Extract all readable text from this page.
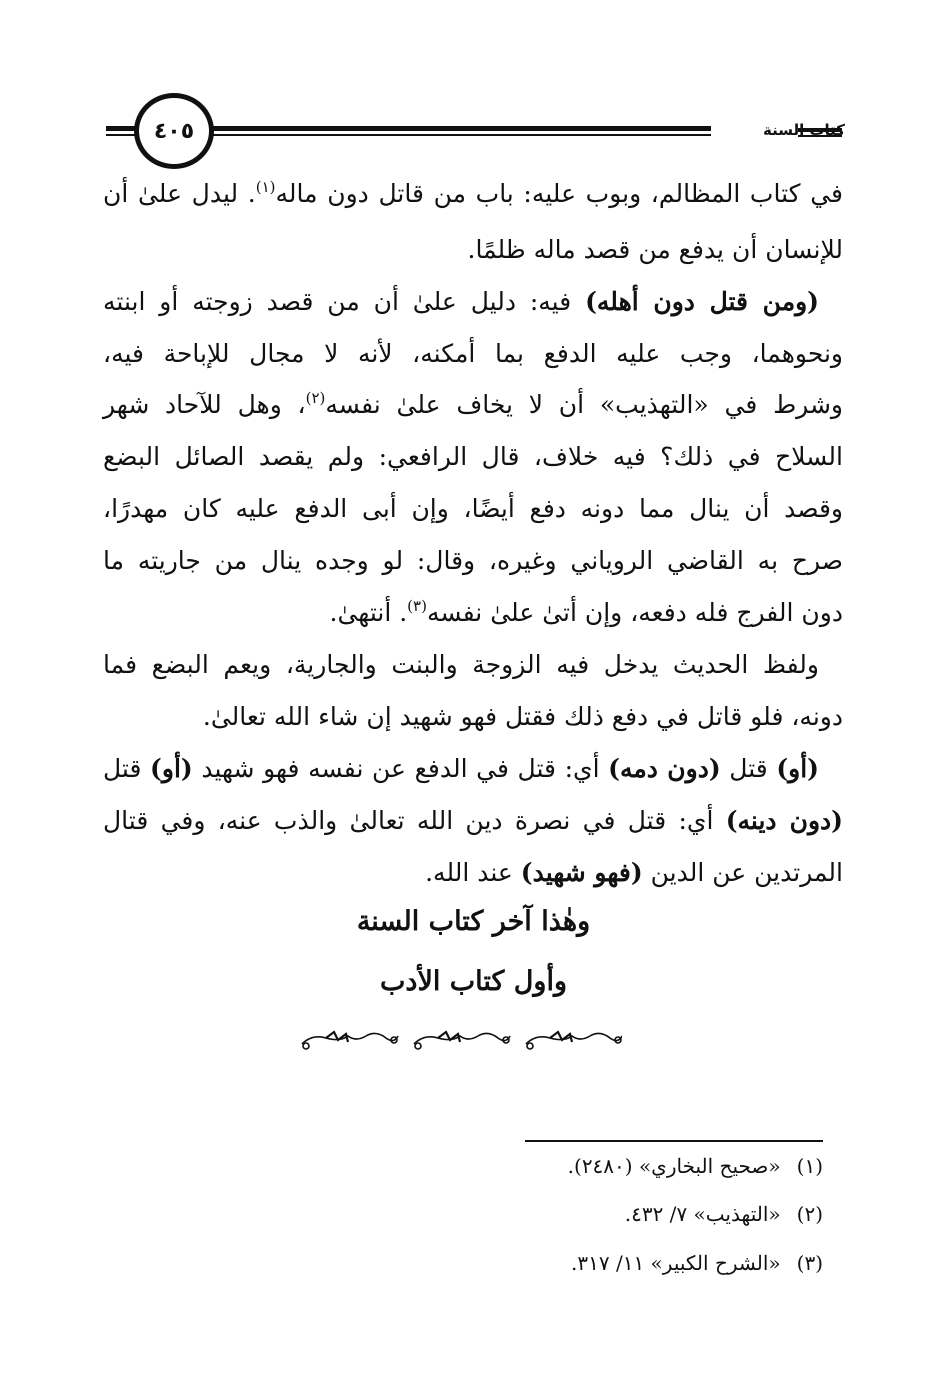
كتاب السنة
٤٠٥
في كتاب المظالم، وبوب عليه: باب من قاتل دون ماله$^{(١)}$. ليدل علىٰ أن
للإنسان أن يدفع من قصد ماله ظلمًا.
(ومن قتل دون أهله) فيه: دليل علىٰ أن من قصد زوجته أو ابنته
ونحوهما، وجب عليه الدفع بما أمكنه، لأنه لا مجال للإباحة فيه،
وشرط في «التهذيب» أن لا يخاف علىٰ نفسه$^{(٢)}$، وهل للآحاد شهر
السلاح في ذلك؟ فيه خلاف، قال الرافعي: ولم يقصد الصائل البضع
وقصد أن ينال مما دونه دفع أيضًا، وإن أبى الدفع عليه كان مهدرًا،
صرح به القاضي الروياني وغيره، وقال: لو وجده ينال من جاريته ما
دون الفرج فله دفعه، وإن أتىٰ علىٰ نفسه$^{(٣)}$. أنتهىٰ.
ولفظ الحديث يدخل فيه الزوجة والبنت والجارية، ويعم البضع فما
دونه، فلو قاتل في دفع ذلك فقتل فهو شهيد إن شاء الله تعالىٰ.
(أو) قتل (دون دمه) أي: قتل في الدفع عن نفسه فهو شهيد (أو) قتل
(دون دينه) أي: قتل في نصرة دين الله تعالىٰ والذب عنه، وفي قتال
المرتدين عن الدين (فهو شهيد) عند الله.
وهٰذا آخر كتاب السنة
وأول كتاب الأدب
(١)«صحيح البخاري» (٢٤٨٠).
(٢)«التهذيب» ٧/ ٤٣٢.
(٣)«الشرح الكبير» ١١/ ٣١٧.
